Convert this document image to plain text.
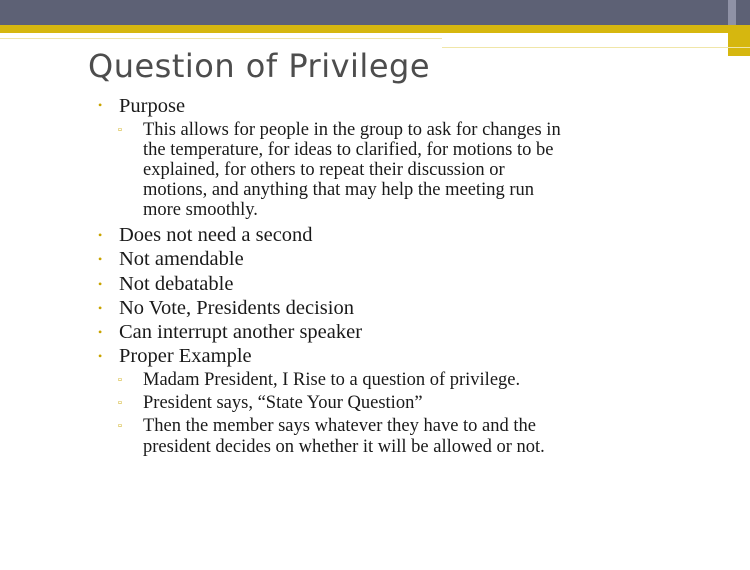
Question of Privilege
• Purpose
▫ This allows for people in the group to ask for changes in
the temperature, for ideas to clarified, for motions to be
explained, for others to repeat their discussion or
motions, and anything that may help the meeting run
more smoothly.
• Does not need a second
• Not amendable
• Not debatable
• No Vote, Presidents decision
• Can interrupt another speaker
• Proper Example
▫ Madam President, I Rise to a question of privilege.
▫ President says, “State Your Question”
▫ Then the member says whatever they have to and the
president decides on whether it will be allowed or not.
